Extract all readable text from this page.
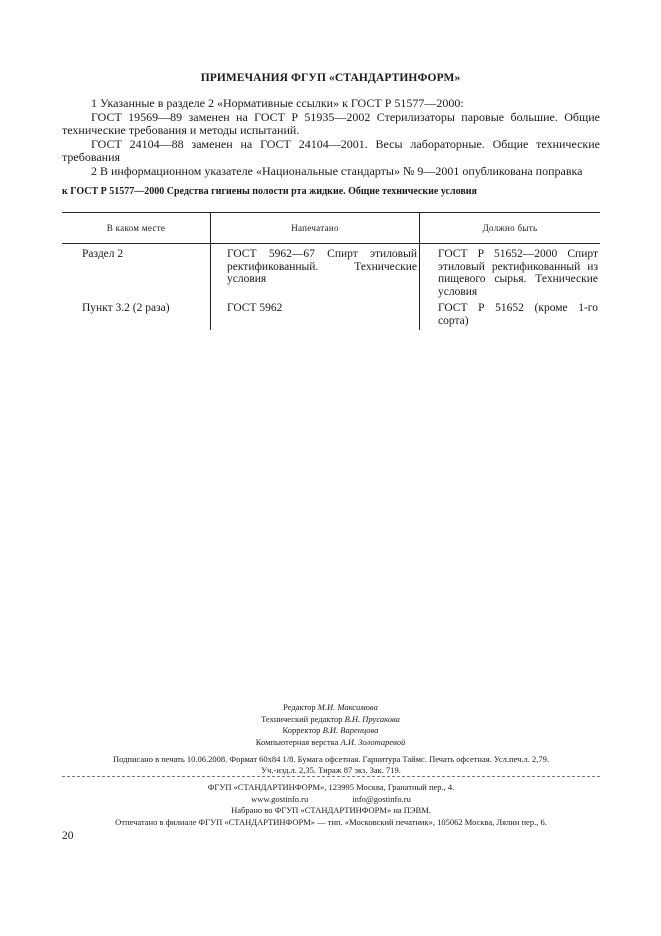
ПРИМЕЧАНИЯ ФГУП «СТАНДАРТИНФОРМ»

1 Указанные в разделе 2 «Нормативные ссылки» к ГОСТ Р 51577—2000:

ГОСТ 19569—89 заменен на ГОСТ Р 51935—2002 Стерилизаторы паровые большие. Общие технические требования и методы испытаний.

ГОСТ 24104—88 заменен на ГОСТ 24104—2001. Весы лабораторные. Общие технические требования

2 В информационном указателе «Национальные стандарты» № 9—2001 опубликована поправка

к ГОСТ Р 51577—2000 Средства гигиены полости рта жидкие. Общие технические условия
В каком месте	Напечатано	Должно быть
Раздел 2	ГОСТ 5962—67 Спирт этиловый ректификованный. Технические условия	ГОСТ Р 51652—2000 Спирт этиловый ректификованный из пищевого сырья. Технические условия
Пункт 3.2 (2 раза)	ГОСТ 5962	ГОСТ Р 51652 (кроме 1-го сорта)
Редактор М.И. Максимова
Технический редактор В.Н. Прусакова
Корректор В.И. Варенцова
Компьютерная верстка А.И. Золотаревой
Подписано в печать 10.06.2008. Формат 60х84 1/8. Бумага офсетная. Гарнитура Таймс. Печать офсетная. Усл.печ.л. 2,79.
Уч.-изд.л. 2,35. Тираж 87 экз. Зак. 719.
ФГУП «СТАНДАРТИНФОРМ», 123995 Москва, Гранатный пер., 4.
www.gostinfo.ru	info@gostinfo.ru
Набрано во ФГУП «СТАНДАРТИНФОРМ» на ПЭВМ.
Отпечатано в филиале ФГУП «СТАНДАРТИНФОРМ» — тип. «Московский печатник», 105062 Москва, Лялин пер., 6.
20
